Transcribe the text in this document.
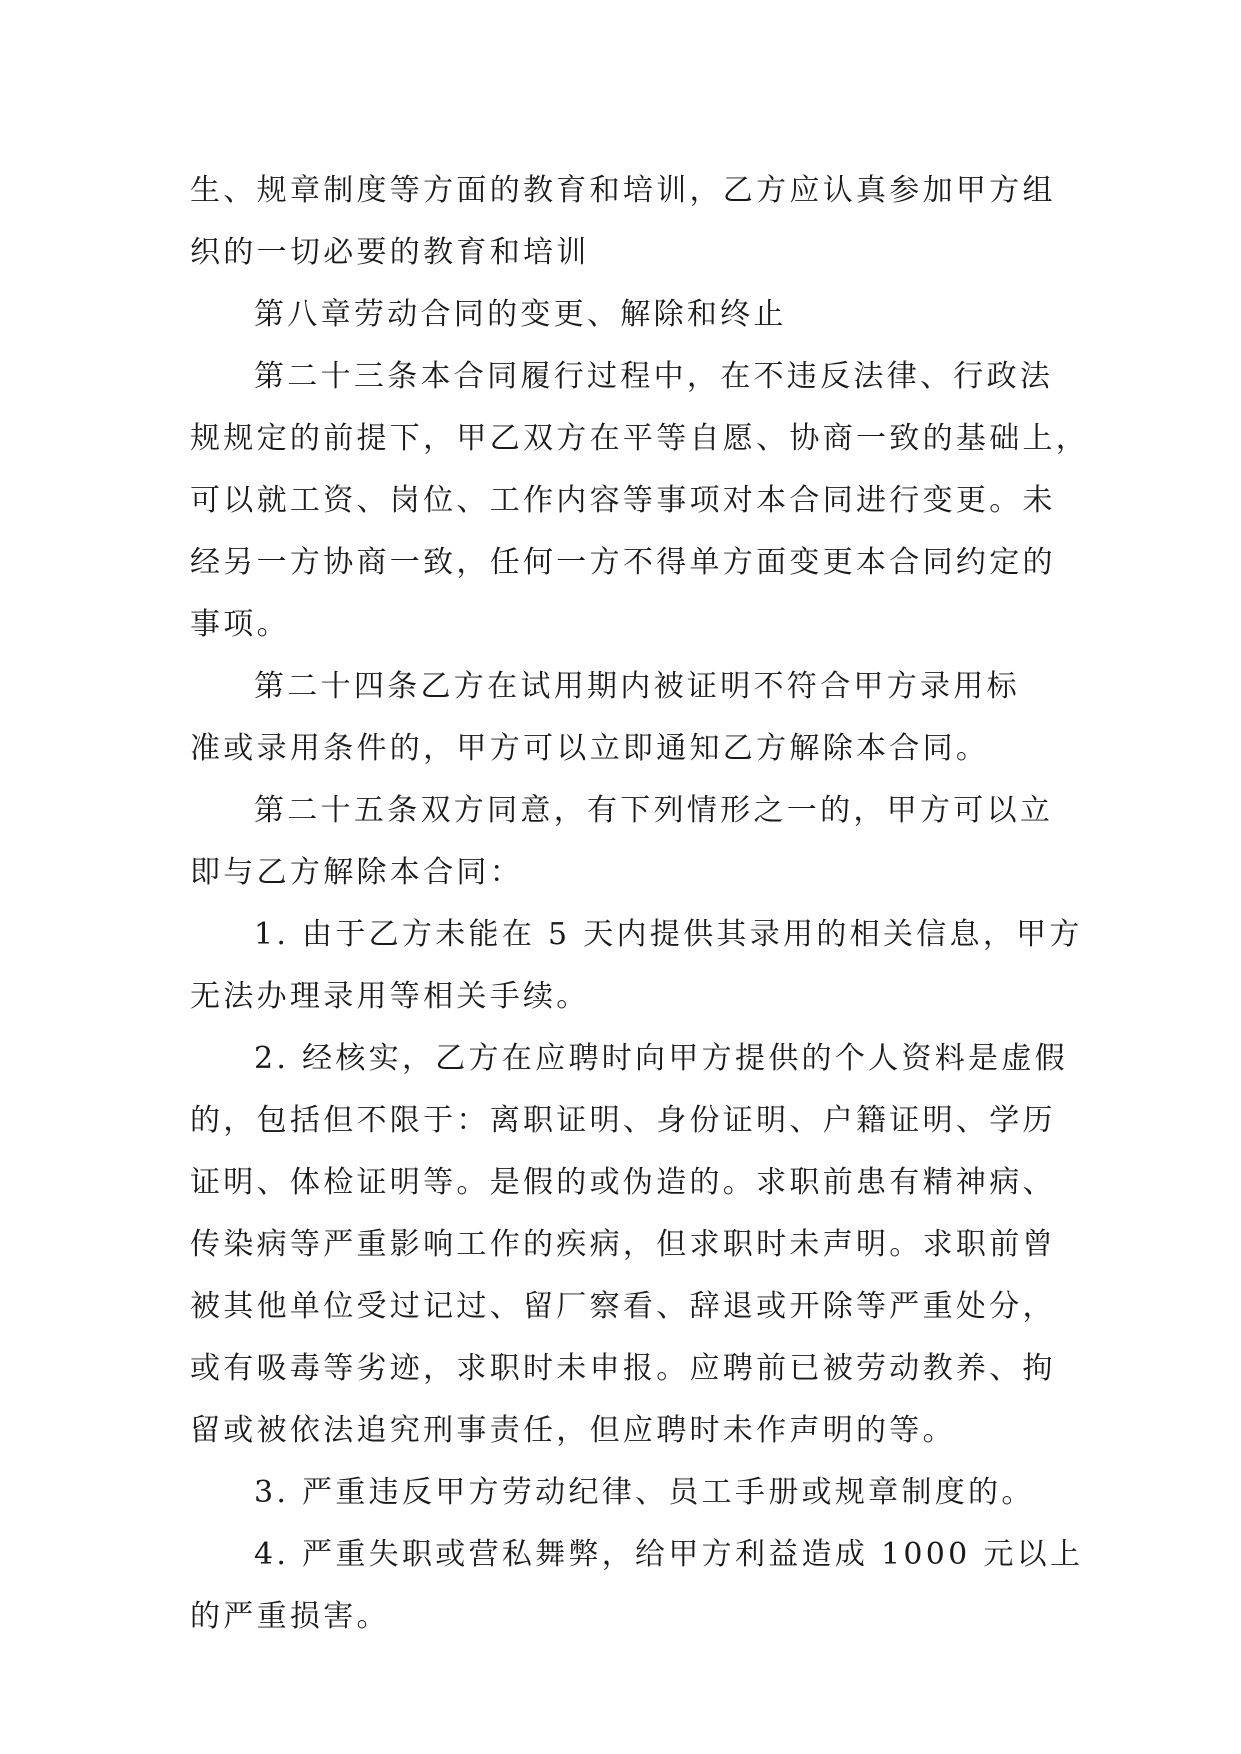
生、规章制度等方面的教育和培训，乙方应认真参加甲方组
织的一切必要的教育和培训
第八章劳动合同的变更、解除和终止
第二十三条本合同履行过程中，在不违反法律、行政法
规规定的前提下，甲乙双方在平等自愿、协商一致的基础上，
可以就工资、岗位、工作内容等事项对本合同进行变更。未
经另一方协商一致，任何一方不得单方面变更本合同约定的
事项。
第二十四条乙方在试用期内被证明不符合甲方录用标
准或录用条件的，甲方可以立即通知乙方解除本合同。
第二十五条双方同意，有下列情形之一的，甲方可以立
即与乙方解除本合同：
1. 由于乙方未能在 5 天内提供其录用的相关信息，甲方
无法办理录用等相关手续。
2. 经核实，乙方在应聘时向甲方提供的个人资料是虚假
的，包括但不限于：离职证明、身份证明、户籍证明、学历
证明、体检证明等。是假的或伪造的。求职前患有精神病、
传染病等严重影响工作的疾病，但求职时未声明。求职前曾
被其他单位受过记过、留厂察看、辞退或开除等严重处分，
或有吸毒等劣迹，求职时未申报。应聘前已被劳动教养、拘
留或被依法追究刑事责任，但应聘时未作声明的等。
3. 严重违反甲方劳动纪律、员工手册或规章制度的。
4. 严重失职或营私舞弊，给甲方利益造成 1000 元以上
的严重损害。
